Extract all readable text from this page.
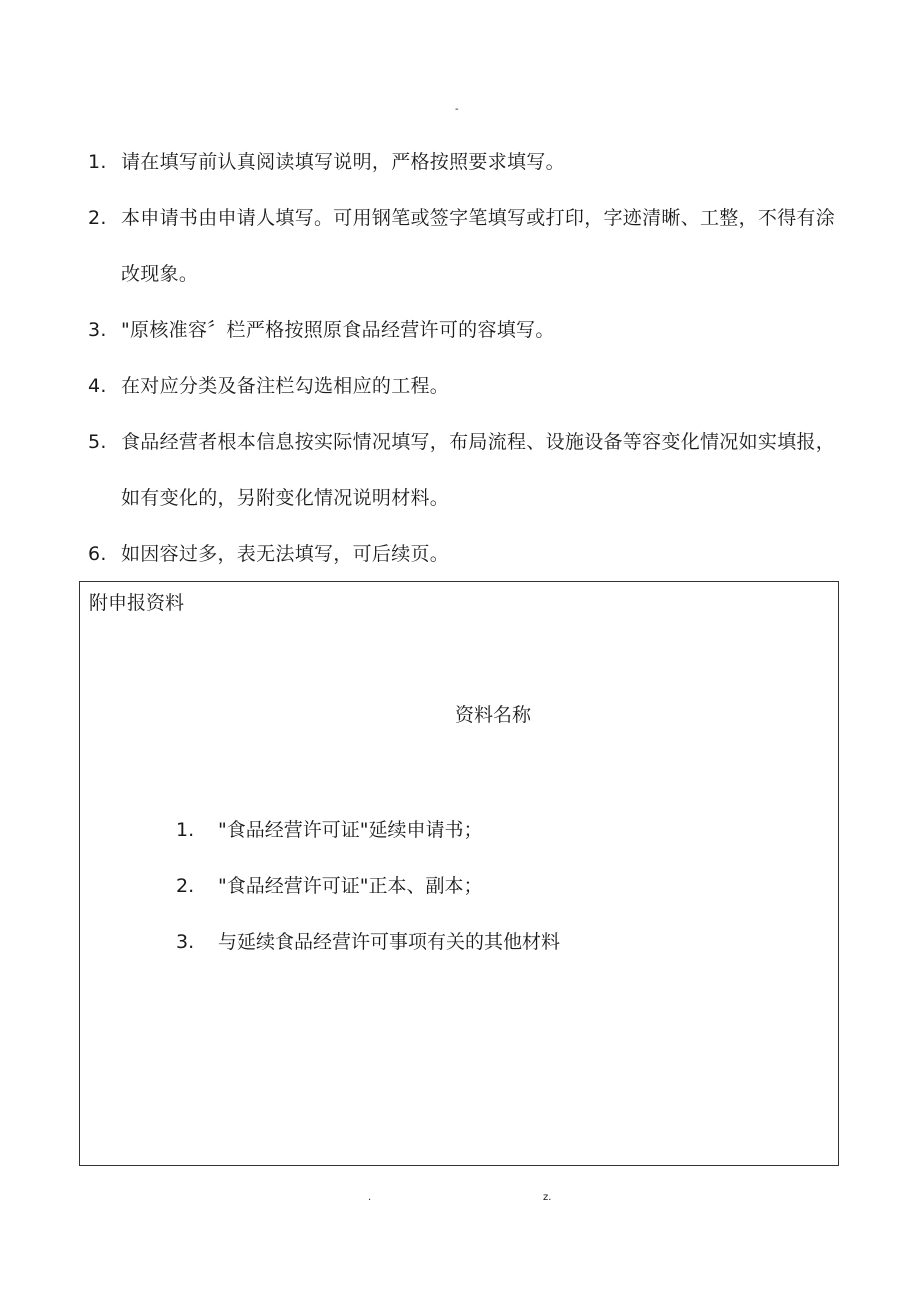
-
1. 请在填写前认真阅读填写说明，严格按照要求填写。
2. 本申请书由申请人填写。可用钢笔或签字笔填写或打印，字迹清晰、工整，不得有涂改现象。
3. "原核准容〞栏严格按照原食品经营许可的容填写。
4. 在对应分类及备注栏勾选相应的工程。
5. 食品经营者根本信息按实际情况填写，布局流程、设施设备等容变化情况如实填报，如有变化的，另附变化情况说明材料。
6. 如因容过多，表无法填写，可后续页。
附申报资料
资料名称
1. "食品经营许可证"延续申请书；
2. "食品经营许可证"正本、副本；
3. 与延续食品经营许可事项有关的其他材料
.	z.
